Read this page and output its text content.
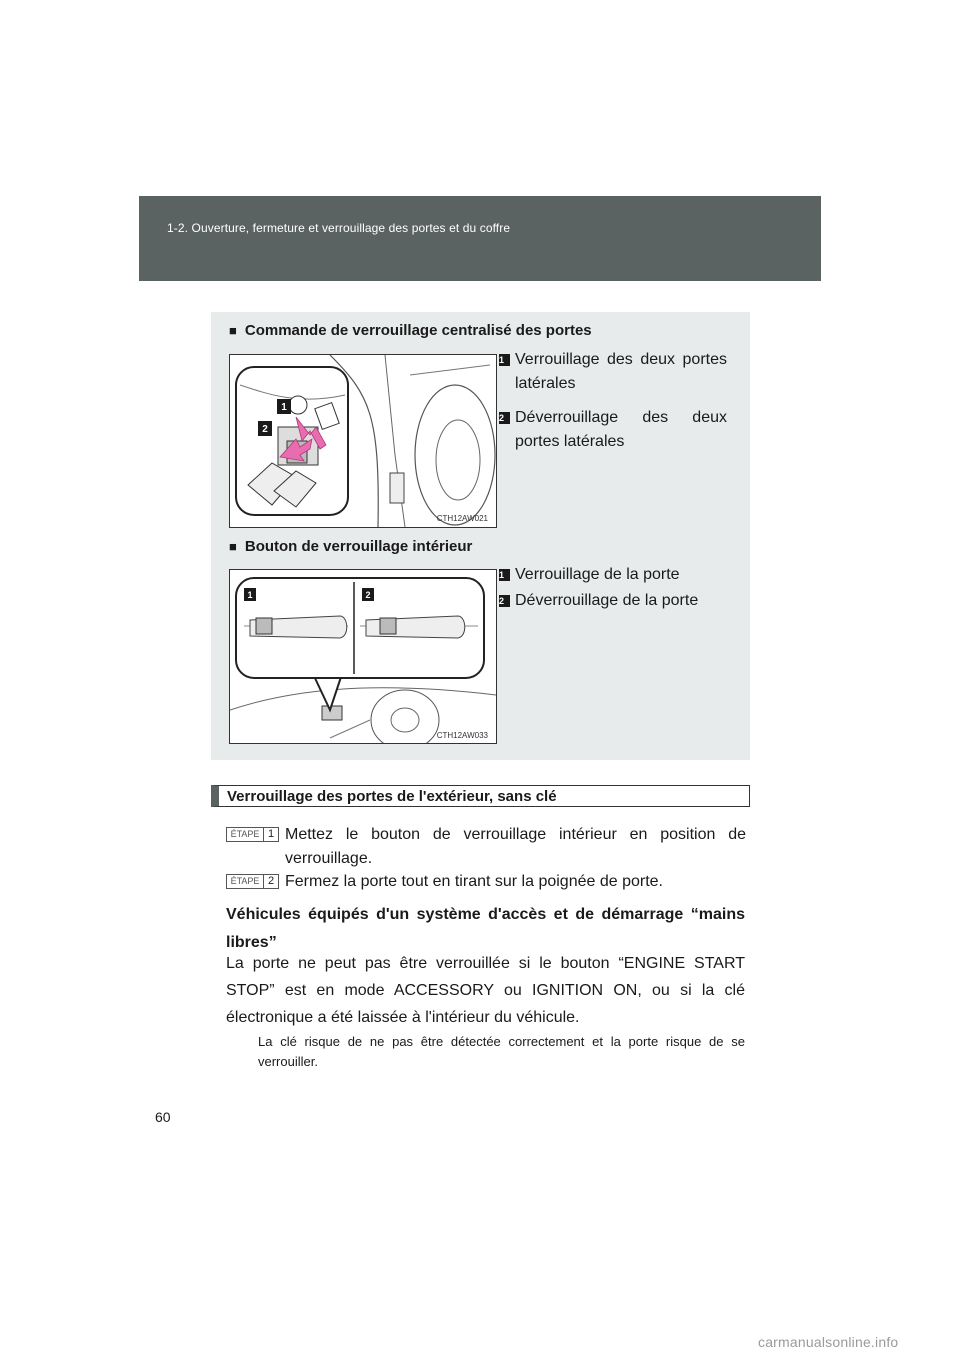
1-2. Ouverture, fermeture et verrouillage des portes et du coffre
■ Commande de verrouillage centralisé des portes
1
2
CTH12AW021
1 Verrouillage des deux portes latérales
2 Déverrouillage des deux portes latérales
■ Bouton de verrouillage intérieur
1	2
CTH12AW033
1 Verrouillage de la porte
2 Déverrouillage de la porte
Verrouillage des portes de l'extérieur, sans clé
ÉTAPE 1 Mettez le bouton de verrouillage intérieur en position de verrouillage.
ÉTAPE 2 Fermez la porte tout en tirant sur la poignée de porte.
Véhicules équipés d'un système d'accès et de démarrage “mains libres”
La porte ne peut pas être verrouillée si le bouton “ENGINE START STOP” est en mode ACCESSORY ou IGNITION ON, ou si la clé électronique a été laissée à l'intérieur du véhicule.
La clé risque de ne pas être détectée correctement et la porte risque de se verrouiller.
60
carmanualsonline.info
